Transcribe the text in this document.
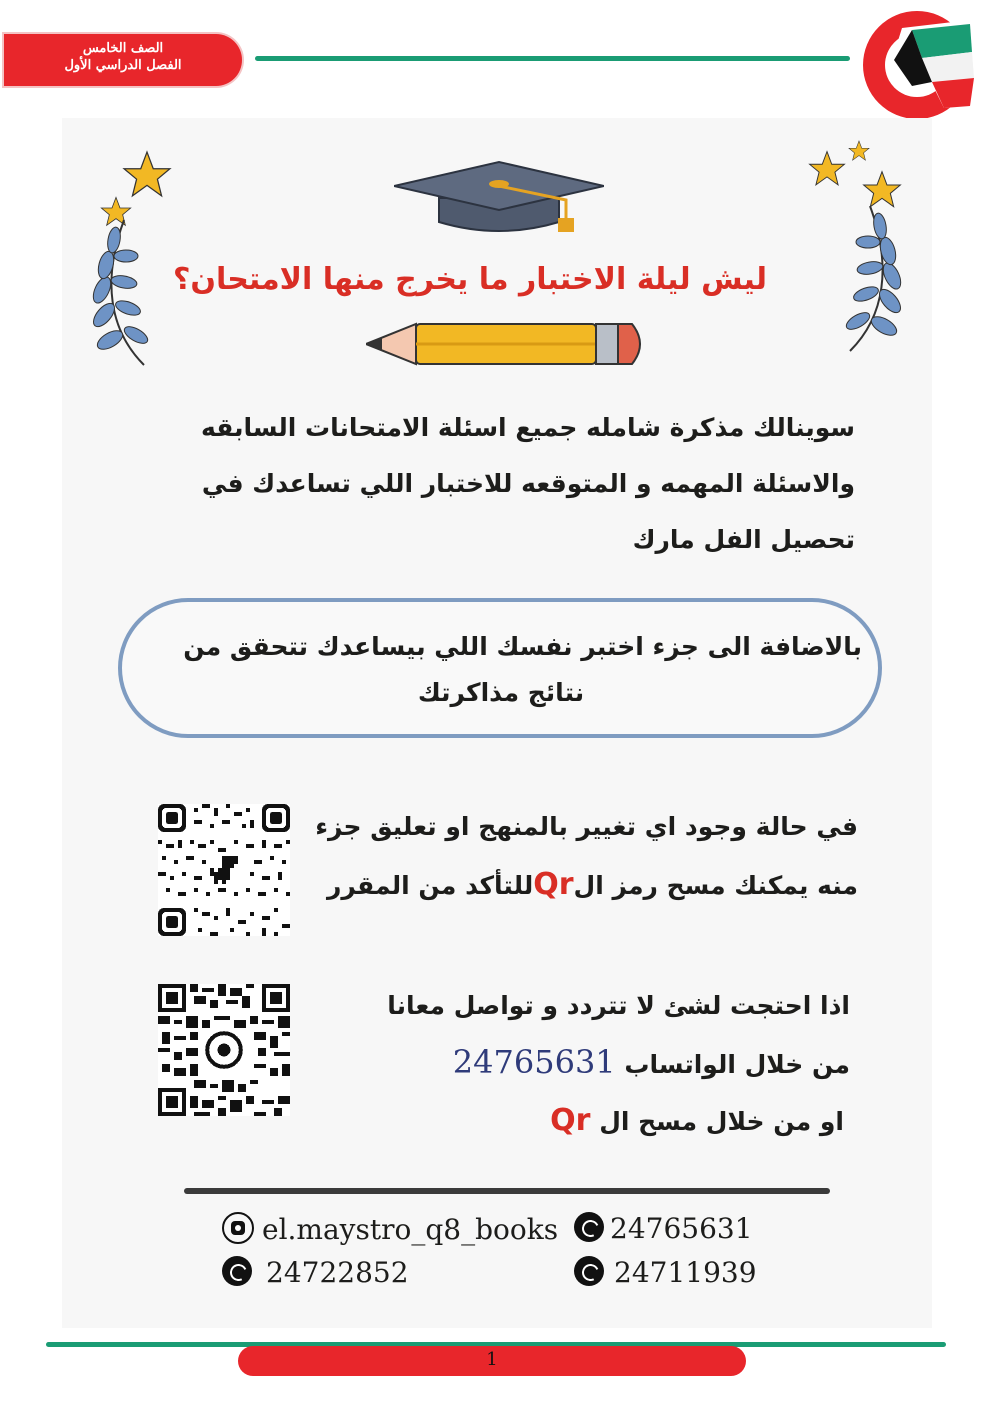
الصف الخامس
الفصل الدراسي الأول
ليش ليلة الاختبار ما يخرج منها الامتحان؟
سوينالك مذكرة شامله جميع اسئلة الامتحانات السابقه
والاسئلة المهمه و المتوقعه للاختبار اللي تساعدك في
تحصيل الفل مارك
بالاضافة الى جزء اختبر نفسك اللي بيساعدك تتحقق من
نتائج مذاكرتك
في حالة وجود اي تغيير بالمنهج او تعليق جزء
منه يمكنك مسح رمز الQrللتأكد من المقرر
اذا احتجت لشئ لا تتردد و تواصل معانا
من خلال الواتساب 24765631
او من خلال مسح ال Qr
el.maystro_q8_books	24765631
24722852	24711939
1
